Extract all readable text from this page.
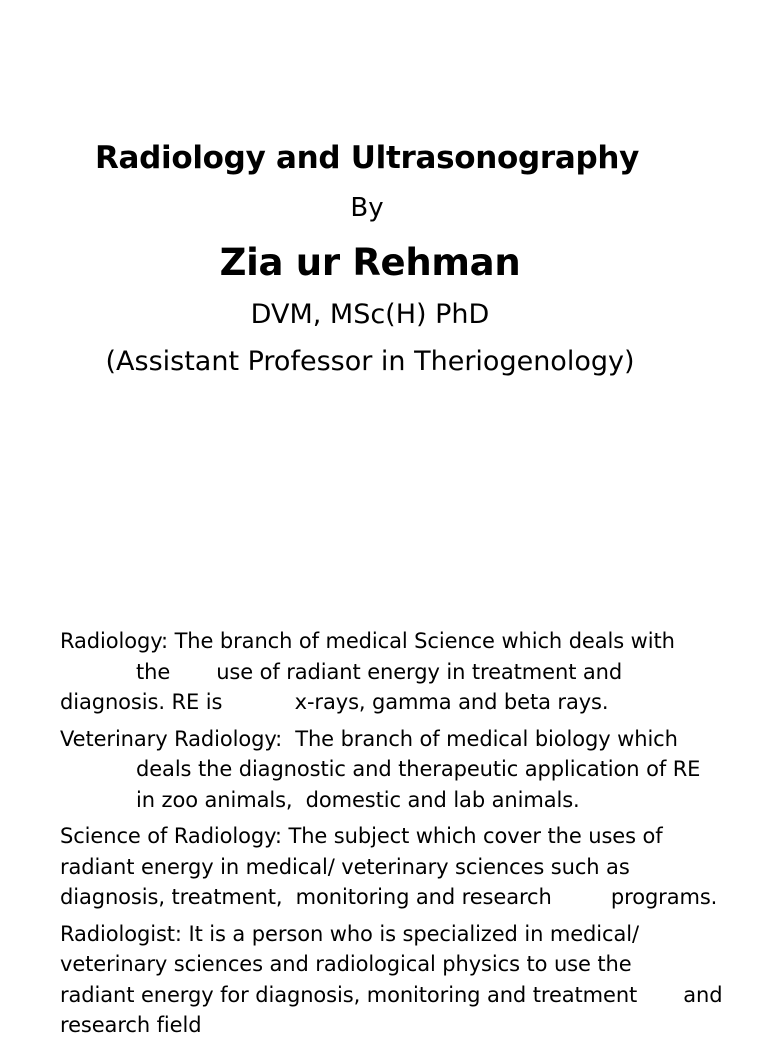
Radiology and Ultrasonography
By
Zia ur Rehman
DVM, MSc(H) PhD
(Assistant Professor in Theriogenology)
Radiology: The branch of medical Science which deals with
the       use of radiant energy in treatment and
diagnosis. RE is           x-rays, gamma and beta rays.
Veterinary Radiology:  The branch of medical biology which
deals the diagnostic and therapeutic application of RE
in zoo animals,  domestic and lab animals.
Science of Radiology: The subject which cover the uses of
radiant energy in medical/ veterinary sciences such as
diagnosis, treatment,  monitoring and research         programs.
Radiologist: It is a person who is specialized in medical/
veterinary sciences and radiological physics to use the
radiant energy for diagnosis, monitoring and treatment       and
research field
